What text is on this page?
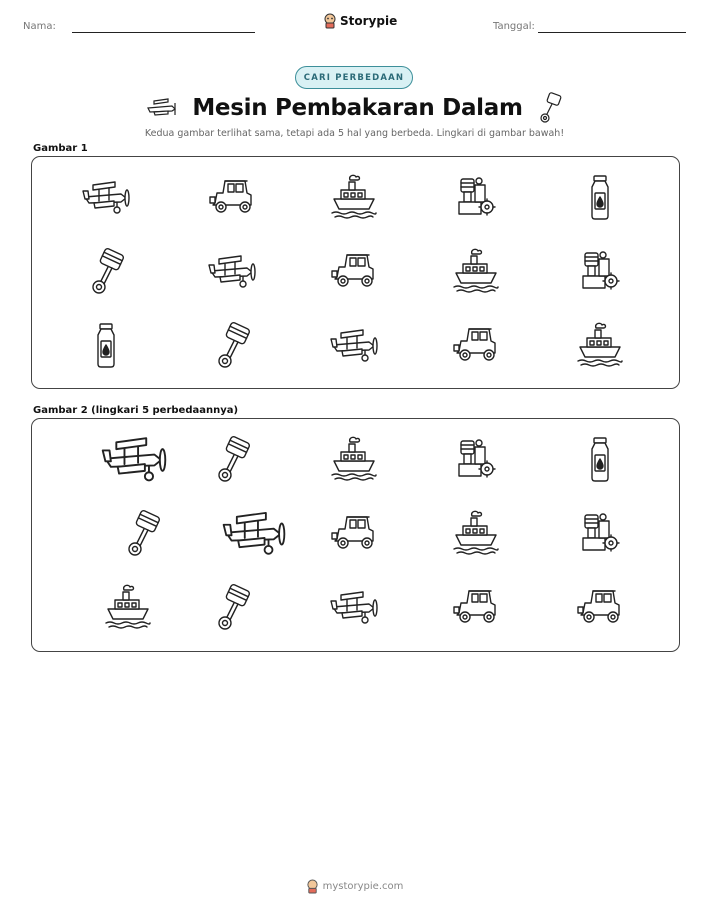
Nama:	Storypie	Tanggal:
CARI PERBEDAAN
Mesin Pembakaran Dalam
Kedua gambar terlihat sama, tetapi ada 5 hal yang berbeda. Lingkari di gambar bawah!
Gambar 1
Gambar 2 (lingkari 5 perbedaannya)
mystorypie.com
